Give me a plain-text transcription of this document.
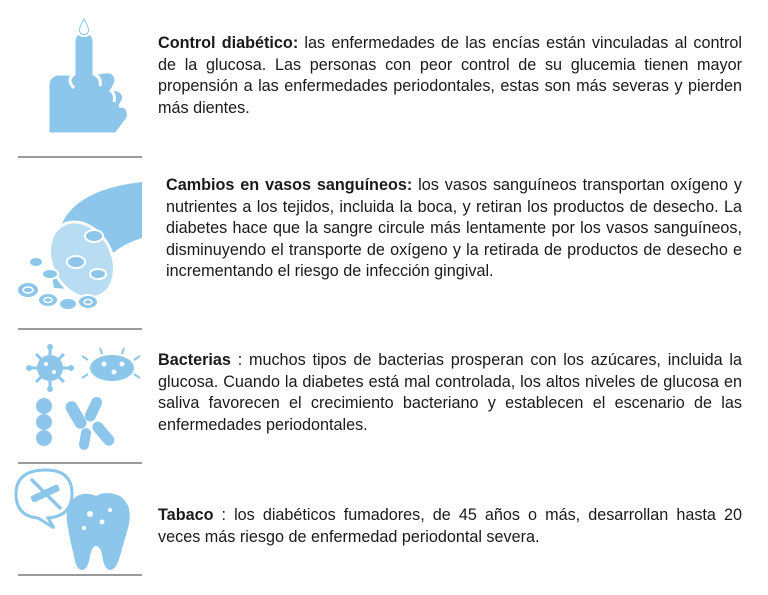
Control diabético: las enfermedades de las encías están vinculadas al control de la glucosa. Las personas con peor control de su glucemia tienen mayor propensión a las enfermedades periodontales, estas son más severas y pierden más dientes.

Cambios en vasos sanguíneos: los vasos sanguíneos transportan oxígeno y nutrientes a los tejidos, incluida la boca, y retiran los productos de desecho. La diabetes hace que la sangre circule más lentamente por los vasos sanguíneos, disminuyendo el transporte de oxígeno y la retirada de productos de desecho e incrementando el riesgo de infección gingival.

Bacterias : muchos tipos de bacterias prosperan con los azúcares, incluida la glucosa. Cuando la diabetes está mal controlada, los altos niveles de glucosa en saliva favorecen el crecimiento bacteriano y establecen el escenario de las enfermedades periodontales.

Tabaco : los diabéticos fumadores, de 45 años o más, desarrollan hasta 20 veces más riesgo de enfermedad periodontal severa.
